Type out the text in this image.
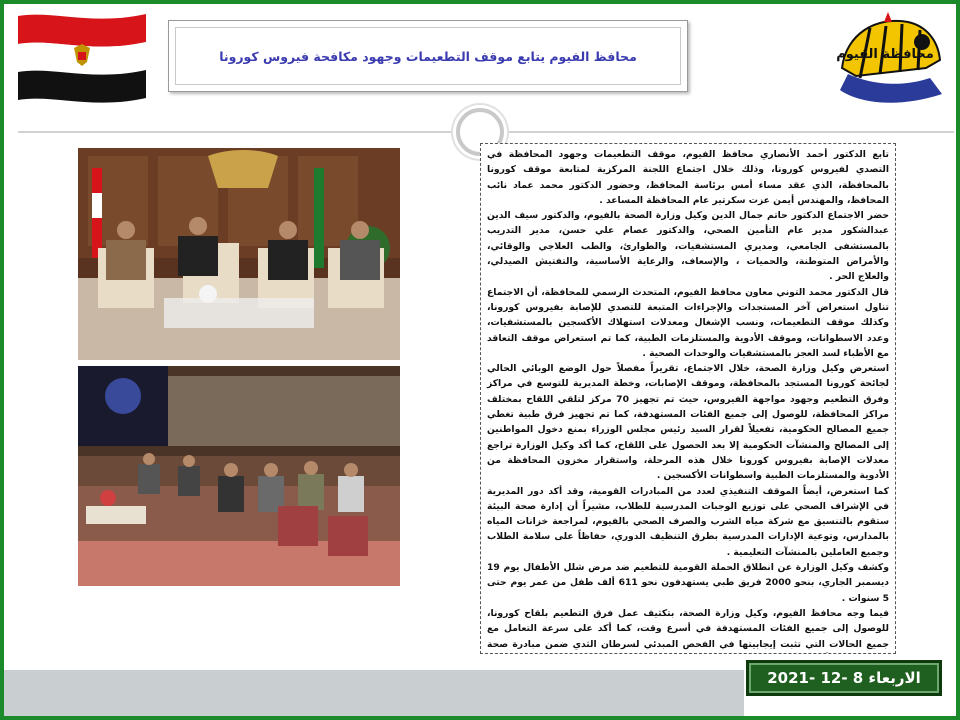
محافظة الفيوم
محافظ الفيوم يتابع موقف التطعيمات وجهود مكافحة فيروس كورونا

تابع الدكتور أحمد الأنصاري محافظ الفيوم، موقف التطعيمات وجهود المحافظة في التصدي لفيروس كورونا، وذلك خلال اجتماع اللجنة المركزية لمتابعة موقف كورونا بالمحافظة، الذي عقد مساء أمس برئاسة المحافظ، وحضور الدكتور محمد عماد نائب المحافظ، والمهندس أيمن عزت سكرتير عام المحافظة المساعد .

حضر الاجتماع الدكتور حاتم جمال الدين وكيل وزارة الصحة بالفيوم، والدكتور سيف الدين عبدالشكور مدير عام التأمين الصحي، والدكتور عصام علي حسن، مدير التدريب بالمستشفى الجامعي، ومديري المستشفيات، والطوارئ، والطب العلاجي والوقائي، والأمراض المتوطنة، والحميات ، والإسعاف، والرعاية الأساسية، والتفتيش الصيدلي، والعلاج الحر .

قال الدكتور محمد التوني معاون محافظ الفيوم، المتحدث الرسمي للمحافظة، أن الاجتماع تناول استعراض آخر المستجدات والإجراءات المتبعة للتصدي للإصابة بفيروس كورونا، وكذلك موقف التطعيمات، ونسب الإشغال ومعدلات استهلاك الأكسجين بالمستشفيات، وعدد الاسطوانات، وموقف الأدوية والمستلزمات الطبية، كما تم استعراض موقف التعاقد مع الأطباء لسد العجز بالمستشفيات والوحدات الصحية .

استعرض وكيل وزارة الصحة، خلال الاجتماع، تقريراً مفصلاً حول الوضع الوبائي الحالي لجائحة كورونا المستجد بالمحافظة، وموقف الإصابات، وخطة المديرية للتوسع في مراكز وفرق التطعيم وجهود مواجهة الفيروس، حيث تم تجهيز 70 مركز لتلقي اللقاح بمختلف مراكز المحافظة، للوصول إلى جميع الفئات المستهدفة، كما تم تجهيز فرق طبية تغطي جميع المصالح الحكومية، تفعيلاً لقرار السيد رئيس مجلس الوزراء بمنع دخول المواطنين إلى المصالح والمنشآت الحكومية إلا بعد الحصول على اللقاح، كما أكد وكيل الوزارة تراجع معدلات الإصابة بفيروس كورونا خلال هذه المرحلة، واستقرار مخزون المحافظة من الأدوية والمستلزمات الطبية واسطوانات الأكسجين .

كما استعرض، أيضاً الموقف التنفيذي لعدد من المبادرات القومية، وقد أكد دور المديرية في الإشراف الصحي على توزيع الوجبات المدرسية للطلاب، مشيراً أن إدارة صحة البيئة ستقوم بالتنسيق مع شركة مياه الشرب والصرف الصحي بالفيوم، لمراجعة خزانات المياه بالمدارس، وتوعية الإدارات المدرسية بطرق التنظيف الدوري، حفاظاً على سلامة الطلاب وجميع العاملين بالمنشآت التعليمية .

وكشف وكيل الوزارة عن انطلاق الحملة القومية للتطعيم ضد مرض شلل الأطفال يوم 19 ديسمبر الجاري، بنحو 2000 فريق طبي يستهدفون نحو 611 ألف طفل من عمر يوم حتى 5 سنوات .

فيما وجه محافظ الفيوم، وكيل وزارة الصحة، بتكثيف عمل فرق التطعيم بلقاح كورونا، للوصول إلى جميع الفئات المستهدفة في أسرع وقت، كما أكد على سرعة التعامل مع جميع الحالات التي تثبت إيجابيتها في الفحص المبدئي لسرطان الثدي ضمن مبادرة صحة

الاربعاء 8 -12 -2021
